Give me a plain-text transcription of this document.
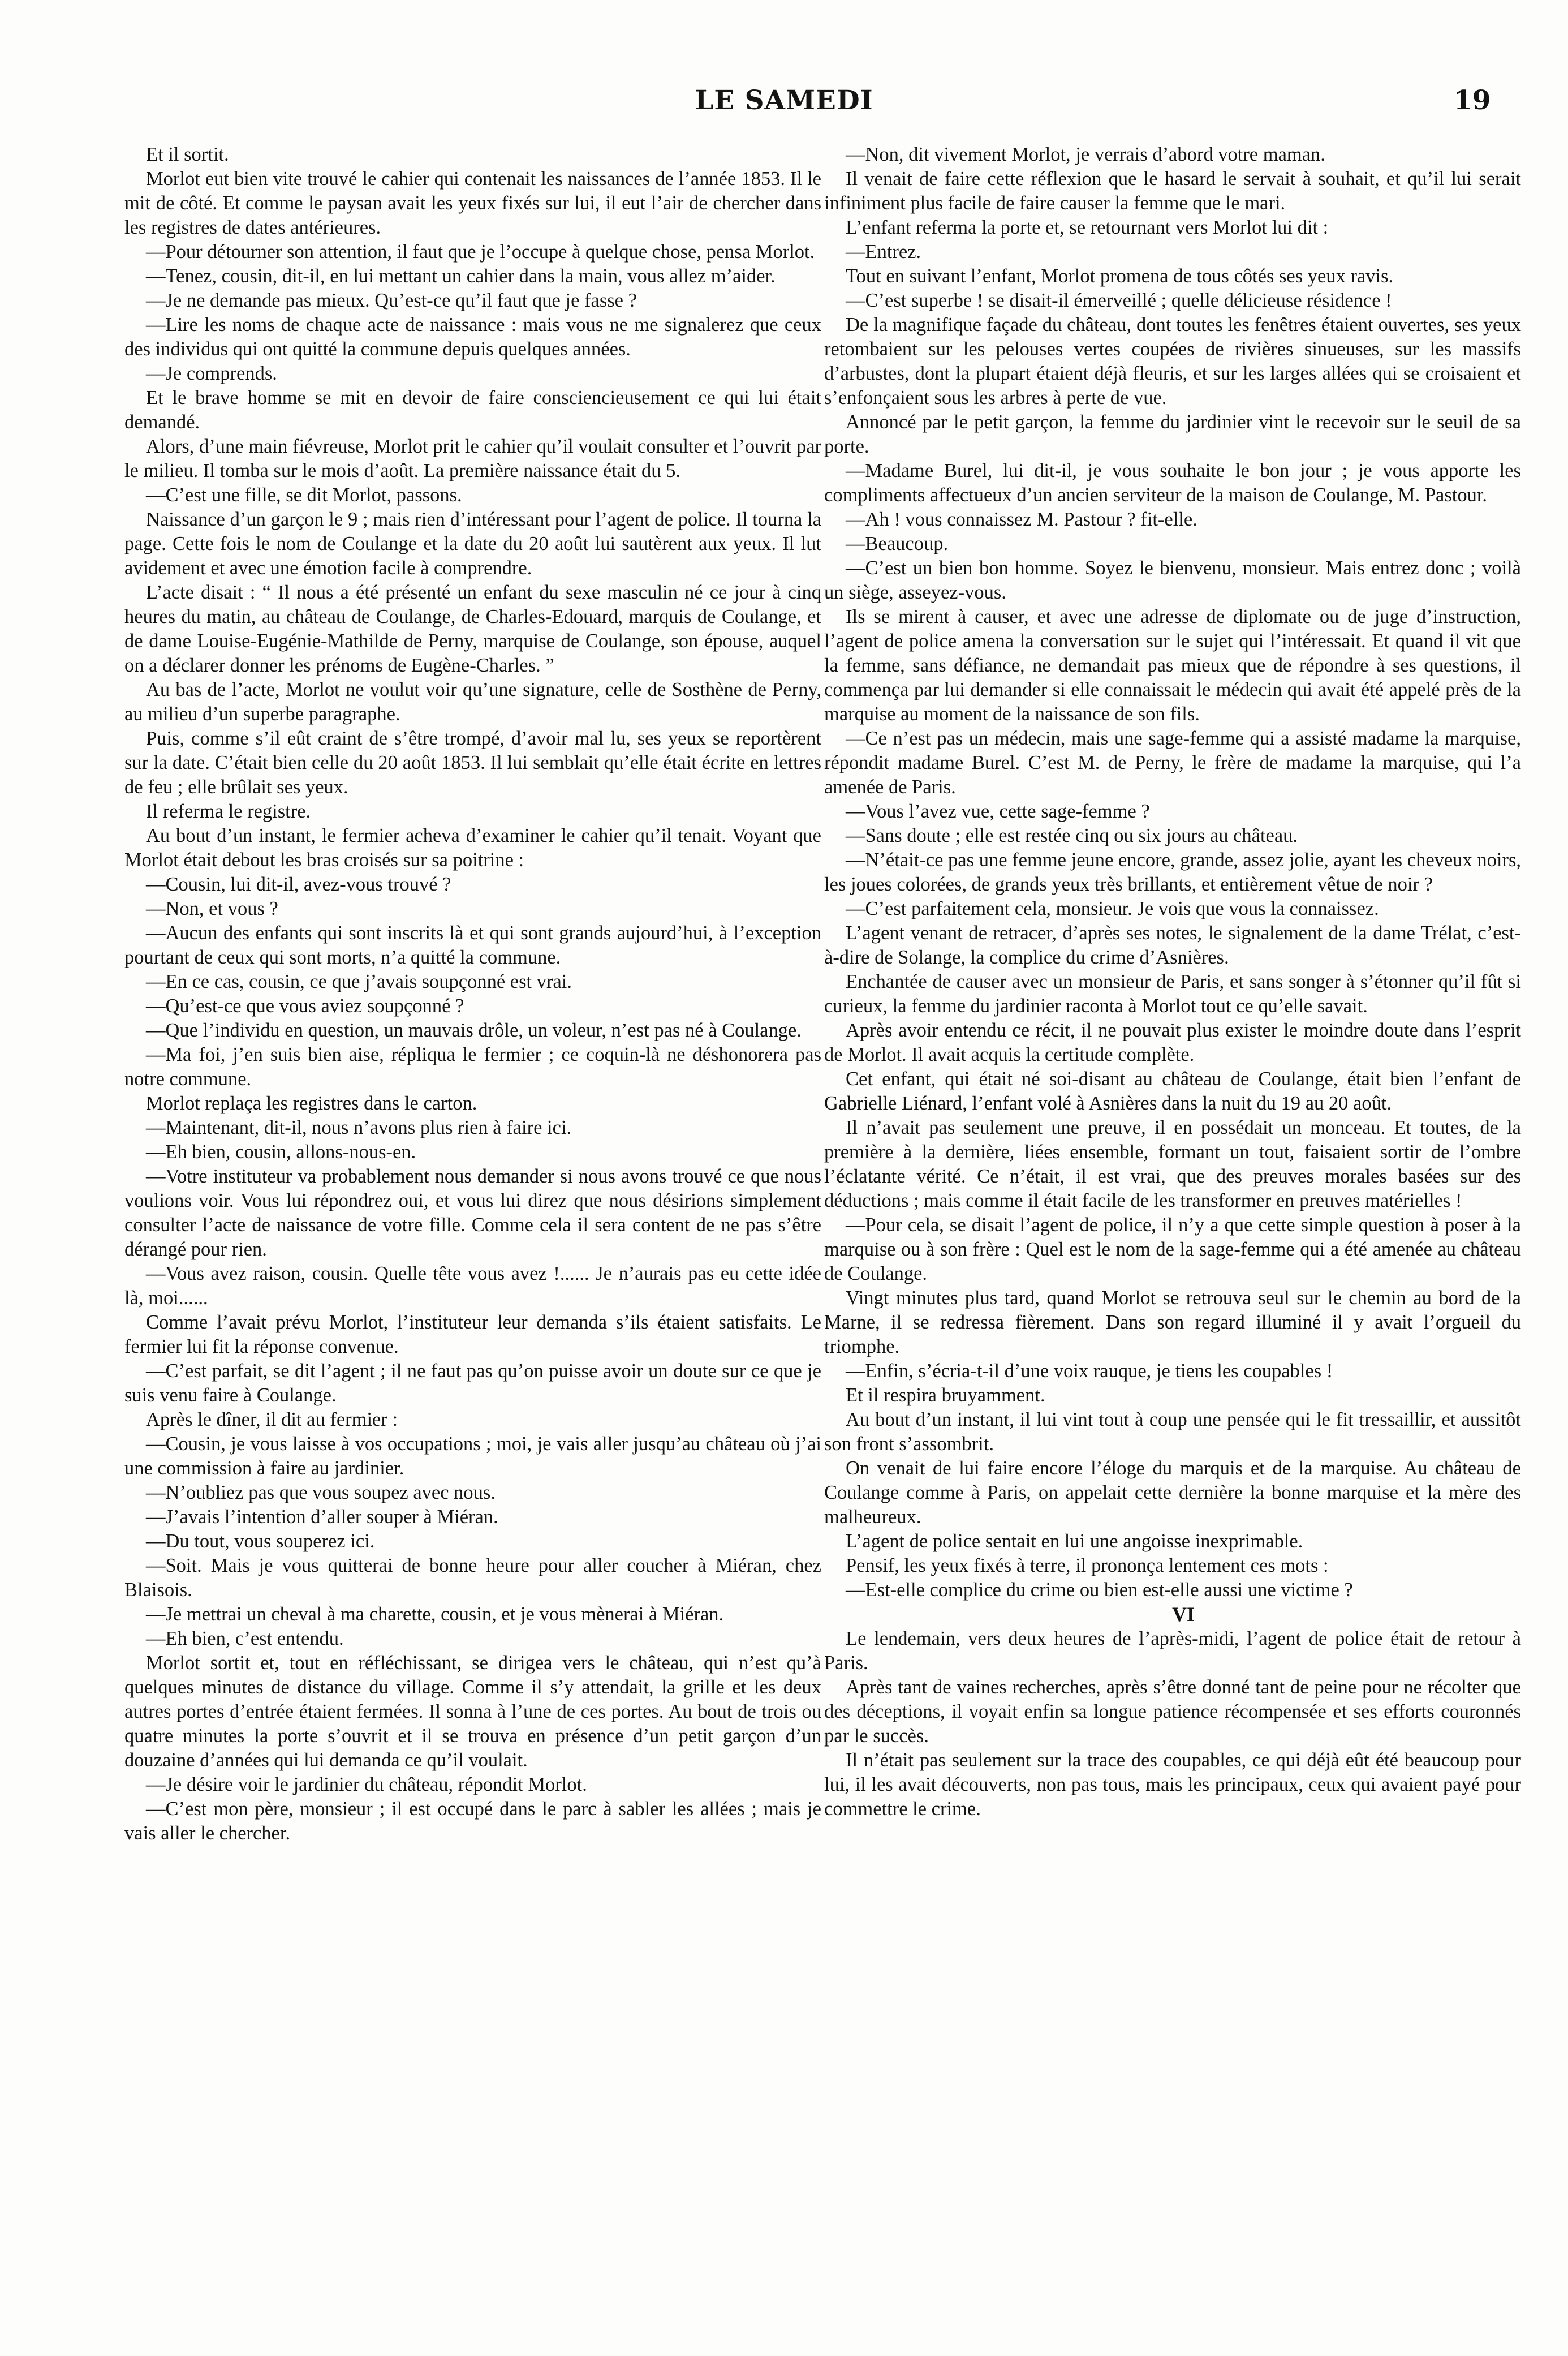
LE SAMEDI	19

Et il sortit.

Morlot eut bien vite trouvé le cahier qui contenait les naissances de l’année 1853. Il le mit de côté. Et comme le paysan avait les yeux fixés sur lui, il eut l’air de chercher dans les registres de dates antérieures.

—Pour détourner son attention, il faut que je l’occupe à quelque chose, pensa Morlot.

—Tenez, cousin, dit-il, en lui mettant un cahier dans la main, vous allez m’aider.

—Je ne demande pas mieux. Qu’est-ce qu’il faut que je fasse ?

—Lire les noms de chaque acte de naissance : mais vous ne me signalerez que ceux des individus qui ont quitté la commune depuis quelques années.

—Je comprends.

Et le brave homme se mit en devoir de faire consciencieusement ce qui lui était demandé.

Alors, d’une main fiévreuse, Morlot prit le cahier qu’il voulait consulter et l’ouvrit par le milieu. Il tomba sur le mois d’août. La première naissance était du 5.

—C’est une fille, se dit Morlot, passons.

Naissance d’un garçon le 9 ; mais rien d’intéressant pour l’agent de police. Il tourna la page. Cette fois le nom de Coulange et la date du 20 août lui sautèrent aux yeux. Il lut avidement et avec une émotion facile à comprendre.

L’acte disait : “ Il nous a été présenté un enfant du sexe masculin né ce jour à cinq heures du matin, au château de Coulange, de Charles-Edouard, marquis de Coulange, et de dame Louise-Eugénie-Mathilde de Perny, marquise de Coulange, son épouse, auquel on a déclarer donner les prénoms de Eugène-Charles. ”

Au bas de l’acte, Morlot ne voulut voir qu’une signature, celle de Sosthène de Perny, au milieu d’un superbe paragraphe.

Puis, comme s’il eût craint de s’être trompé, d’avoir mal lu, ses yeux se reportèrent sur la date. C’était bien celle du 20 août 1853. Il lui semblait qu’elle était écrite en lettres de feu ; elle brûlait ses yeux.

Il referma le registre.

Au bout d’un instant, le fermier acheva d’examiner le cahier qu’il tenait. Voyant que Morlot était debout les bras croisés sur sa poitrine :

—Cousin, lui dit-il, avez-vous trouvé ?

—Non, et vous ?

—Aucun des enfants qui sont inscrits là et qui sont grands aujourd’hui, à l’exception pourtant de ceux qui sont morts, n’a quitté la commune.

—En ce cas, cousin, ce que j’avais soupçonné est vrai.

—Qu’est-ce que vous aviez soupçonné ?

—Que l’individu en question, un mauvais drôle, un voleur, n’est pas né à Coulange.

—Ma foi, j’en suis bien aise, répliqua le fermier ; ce coquin-là ne déshonorera pas notre commune.

Morlot replaça les registres dans le carton.

—Maintenant, dit-il, nous n’avons plus rien à faire ici.

—Eh bien, cousin, allons-nous-en.

—Votre instituteur va probablement nous demander si nous avons trouvé ce que nous voulions voir. Vous lui répondrez oui, et vous lui direz que nous désirions simplement consulter l’acte de naissance de votre fille. Comme cela il sera content de ne pas s’être dérangé pour rien.

—Vous avez raison, cousin. Quelle tête vous avez !...... Je n’aurais pas eu cette idée là, moi......

Comme l’avait prévu Morlot, l’instituteur leur demanda s’ils étaient satisfaits. Le fermier lui fit la réponse convenue.

—C’est parfait, se dit l’agent ; il ne faut pas qu’on puisse avoir un doute sur ce que je suis venu faire à Coulange.

Après le dîner, il dit au fermier :

—Cousin, je vous laisse à vos occupations ; moi, je vais aller jusqu’au château où j’ai une commission à faire au jardinier.

—N’oubliez pas que vous soupez avec nous.

—J’avais l’intention d’aller souper à Miéran.

—Du tout, vous souperez ici.

—Soit. Mais je vous quitterai de bonne heure pour aller coucher à Miéran, chez Blaisois.

—Je mettrai un cheval à ma charette, cousin, et je vous mènerai à Miéran.

—Eh bien, c’est entendu.

Morlot sortit et, tout en réfléchissant, se dirigea vers le château, qui n’est qu’à quelques minutes de distance du village. Comme il s’y attendait, la grille et les deux autres portes d’entrée étaient fermées. Il sonna à l’une de ces portes. Au bout de trois ou quatre minutes la porte s’ouvrit et il se trouva en présence d’un petit garçon d’un douzaine d’années qui lui demanda ce qu’il voulait.

—Je désire voir le jardinier du château, répondit Morlot.

—C’est mon père, monsieur ; il est occupé dans le parc à sabler les allées ; mais je vais aller le chercher.

—Non, dit vivement Morlot, je verrais d’abord votre maman.

Il venait de faire cette réflexion que le hasard le servait à souhait, et qu’il lui serait infiniment plus facile de faire causer la femme que le mari.

L’enfant referma la porte et, se retournant vers Morlot lui dit :

—Entrez.

Tout en suivant l’enfant, Morlot promena de tous côtés ses yeux ravis.

—C’est superbe ! se disait-il émerveillé ; quelle délicieuse résidence !

De la magnifique façade du château, dont toutes les fenêtres étaient ouvertes, ses yeux retombaient sur les pelouses vertes coupées de rivières sinueuses, sur les massifs d’arbustes, dont la plupart étaient déjà fleuris, et sur les larges allées qui se croisaient et s’enfonçaient sous les arbres à perte de vue.

Annoncé par le petit garçon, la femme du jardinier vint le recevoir sur le seuil de sa porte.

—Madame Burel, lui dit-il, je vous souhaite le bon jour ; je vous apporte les compliments affectueux d’un ancien serviteur de la maison de Coulange, M. Pastour.

—Ah ! vous connaissez M. Pastour ? fit-elle.

—Beaucoup.

—C’est un bien bon homme. Soyez le bienvenu, monsieur. Mais entrez donc ; voilà un siège, asseyez-vous.

Ils se mirent à causer, et avec une adresse de diplomate ou de juge d’instruction, l’agent de police amena la conversation sur le sujet qui l’intéressait. Et quand il vit que la femme, sans défiance, ne demandait pas mieux que de répondre à ses questions, il commença par lui demander si elle connaissait le médecin qui avait été appelé près de la marquise au moment de la naissance de son fils.

—Ce n’est pas un médecin, mais une sage-femme qui a assisté madame la marquise, répondit madame Burel. C’est M. de Perny, le frère de madame la marquise, qui l’a amenée de Paris.

—Vous l’avez vue, cette sage-femme ?

—Sans doute ; elle est restée cinq ou six jours au château.

—N’était-ce pas une femme jeune encore, grande, assez jolie, ayant les cheveux noirs, les joues colorées, de grands yeux très brillants, et entièrement vêtue de noir ?

—C’est parfaitement cela, monsieur. Je vois que vous la connaissez.

L’agent venant de retracer, d’après ses notes, le signalement de la dame Trélat, c’est-à-dire de Solange, la complice du crime d’Asnières.

Enchantée de causer avec un monsieur de Paris, et sans songer à s’étonner qu’il fût si curieux, la femme du jardinier raconta à Morlot tout ce qu’elle savait.

Après avoir entendu ce récit, il ne pouvait plus exister le moindre doute dans l’esprit de Morlot. Il avait acquis la certitude complète.

Cet enfant, qui était né soi-disant au château de Coulange, était bien l’enfant de Gabrielle Liénard, l’enfant volé à Asnières dans la nuit du 19 au 20 août.

Il n’avait pas seulement une preuve, il en possédait un monceau. Et toutes, de la première à la dernière, liées ensemble, formant un tout, faisaient sortir de l’ombre l’éclatante vérité. Ce n’était, il est vrai, que des preuves morales basées sur des déductions ; mais comme il était facile de les transformer en preuves matérielles !

—Pour cela, se disait l’agent de police, il n’y a que cette simple question à poser à la marquise ou à son frère : Quel est le nom de la sage-femme qui a été amenée au château de Coulange.

Vingt minutes plus tard, quand Morlot se retrouva seul sur le chemin au bord de la Marne, il se redressa fièrement. Dans son regard illuminé il y avait l’orgueil du triomphe.

—Enfin, s’écria-t-il d’une voix rauque, je tiens les coupables !

Et il respira bruyamment.

Au bout d’un instant, il lui vint tout à coup une pensée qui le fit tressaillir, et aussitôt son front s’assombrit.

On venait de lui faire encore l’éloge du marquis et de la marquise. Au château de Coulange comme à Paris, on appelait cette dernière la bonne marquise et la mère des malheureux.

L’agent de police sentait en lui une angoisse inexprimable.

Pensif, les yeux fixés à terre, il prononça lentement ces mots :

—Est-elle complice du crime ou bien est-elle aussi une victime ?

VI

Le lendemain, vers deux heures de l’après-midi, l’agent de police était de retour à Paris.

Après tant de vaines recherches, après s’être donné tant de peine pour ne récolter que des déceptions, il voyait enfin sa longue patience récompensée et ses efforts couronnés par le succès.

Il n’était pas seulement sur la trace des coupables, ce qui déjà eût été beaucoup pour lui, il les avait découverts, non pas tous, mais les principaux, ceux qui avaient payé pour commettre le crime.
